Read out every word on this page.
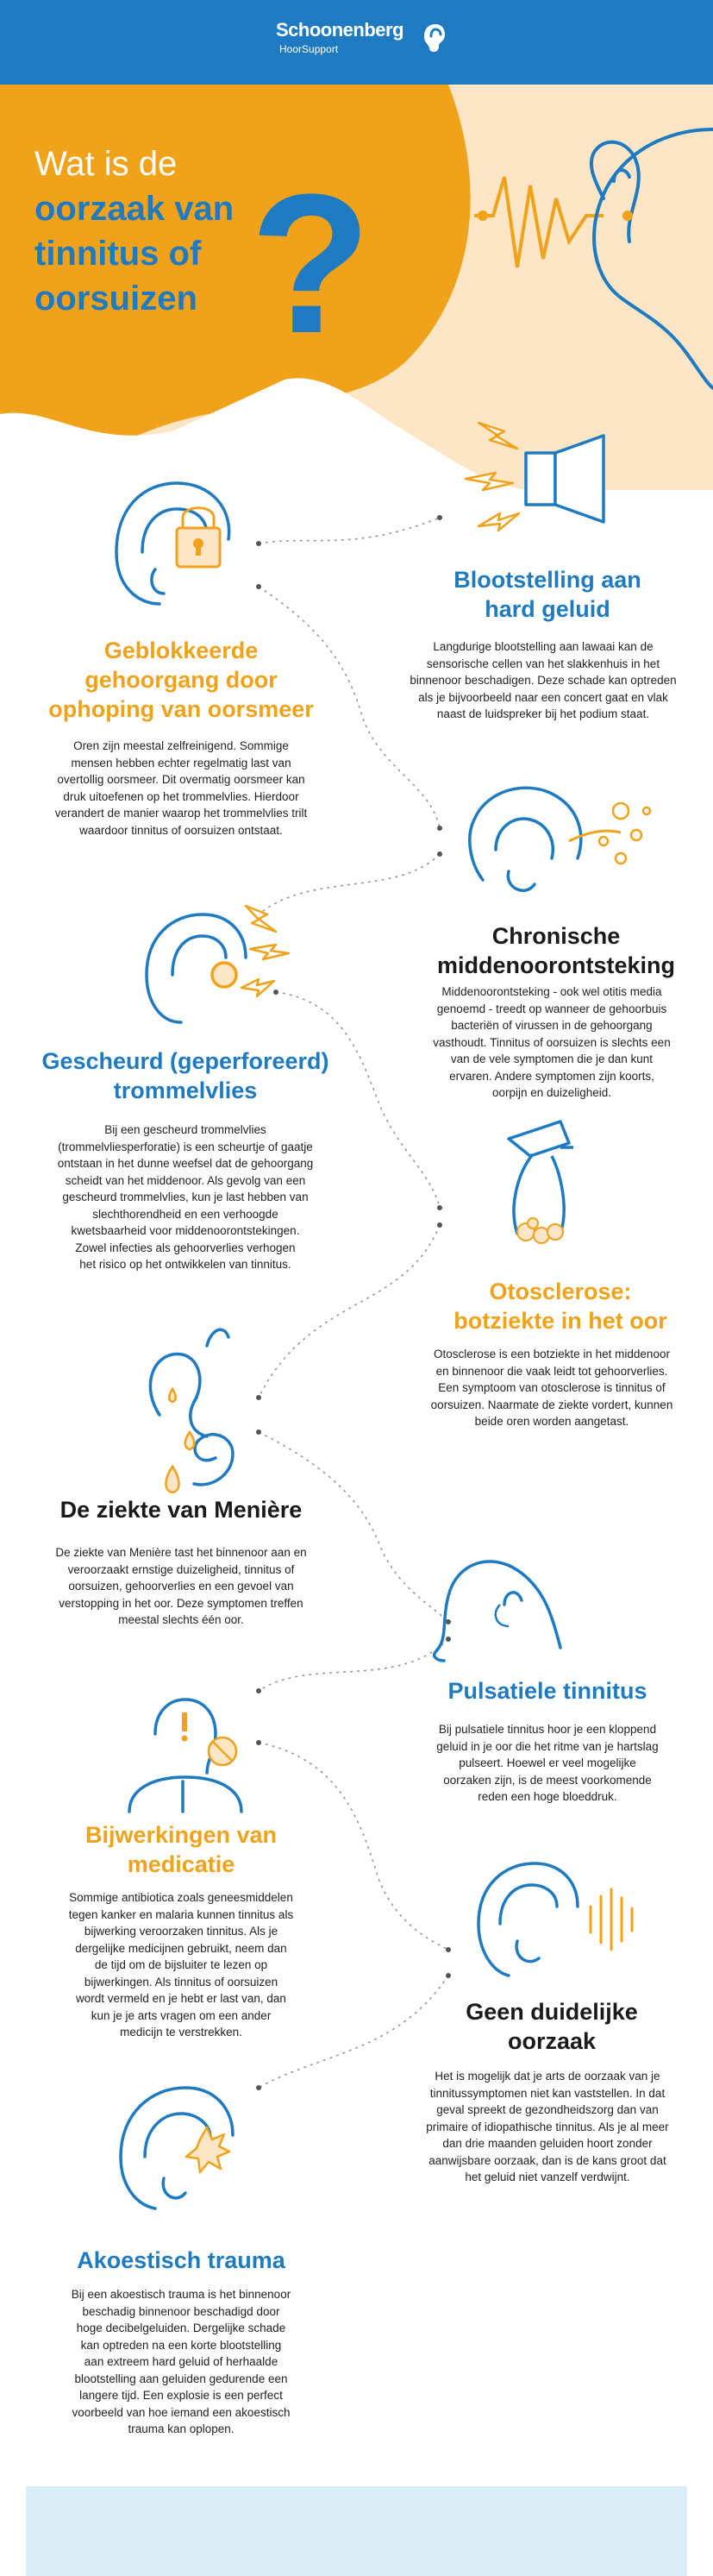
Schoonenberg
HoorSupport
?
Wat is de
oorzaak van
tinnitus of
oorsuizen
Blootstelling aan
hard geluid
Langdurige blootstelling aan lawaai kan de
sensorische cellen van het slakkenhuis in het
binnenoor beschadigen. Deze schade kan optreden
als je bijvoorbeeld naar een concert gaat en vlak
naast de luidspreker bij het podium staat.
Geblokkeerde
gehoorgang door
ophoping van oorsmeer
Oren zijn meestal zelfreinigend. Sommige
mensen hebben echter regelmatig last van
overtollig oorsmeer. Dit overmatig oorsmeer kan
druk uitoefenen op het trommelvlies. Hierdoor
verandert de manier waarop het trommelvlies trilt
waardoor tinnitus of oorsuizen ontstaat.
Chronische
middenoorontsteking
Middenoorontsteking - ook wel otitis media
genoemd - treedt op wanneer de gehoorbuis
bacteriën of virussen in de gehoorgang
vasthoudt. Tinnitus of oorsuizen is slechts een
van de vele symptomen die je dan kunt
ervaren. Andere symptomen zijn koorts,
oorpijn en duizeligheid.
Gescheurd (geperforeerd)
trommelvlies
Bij een gescheurd trommelvlies
(trommelvliesperforatie) is een scheurtje of gaatje
ontstaan in het dunne weefsel dat de gehoorgang
scheidt van het middenoor. Als gevolg van een
gescheurd trommelvlies, kun je last hebben van
slechthorendheid en een verhoogde
kwetsbaarheid voor middenoorontstekingen.
Zowel infecties als gehoorverlies verhogen
het risico op het ontwikkelen van tinnitus.
Otosclerose:
botziekte in het oor
Otosclerose is een botziekte in het middenoor
en binnenoor die vaak leidt tot gehoorverlies.
Een symptoom van otosclerose is tinnitus of
oorsuizen. Naarmate de ziekte vordert, kunnen
beide oren worden aangetast.
De ziekte van Menière
De ziekte van Menière tast het binnenoor aan en
veroorzaakt ernstige duizeligheid, tinnitus of
oorsuizen, gehoorverlies en een gevoel van
verstopping in het oor. Deze symptomen treffen
meestal slechts één oor.
Pulsatiele tinnitus
Bij pulsatiele tinnitus hoor je een kloppend
geluid in je oor die het ritme van je hartslag
pulseert. Hoewel er veel mogelijke
oorzaken zijn, is de meest voorkomende
reden een hoge bloeddruk.
Bijwerkingen van
medicatie
Sommige antibiotica zoals geneesmiddelen
tegen kanker en malaria kunnen tinnitus als
bijwerking veroorzaken tinnitus. Als je
dergelijke medicijnen gebruikt, neem dan
de tijd om de bijsluiter te lezen op
bijwerkingen. Als tinnitus of oorsuizen
wordt vermeld en je hebt er last van, dan
kun je je arts vragen om een ander
medicijn te verstrekken.
Geen duidelijke
oorzaak
Het is mogelijk dat je arts de oorzaak van je
tinnitussymptomen niet kan vaststellen. In dat
geval spreekt de gezondheidszorg dan van
primaire of idiopathische tinnitus. Als je al meer
dan drie maanden geluiden hoort zonder
aanwijsbare oorzaak, dan is de kans groot dat
het geluid niet vanzelf verdwijnt.
Akoestisch trauma
Bij een akoestisch trauma is het binnenoor
beschadig binnenoor beschadigd door
hoge decibelgeluiden. Dergelijke schade
kan optreden na een korte blootstelling
aan extreem hard geluid of herhaalde
blootstelling aan geluiden gedurende een
langere tijd. Een explosie is een perfect
voorbeeld van hoe iemand een akoestisch
trauma kan oplopen.
